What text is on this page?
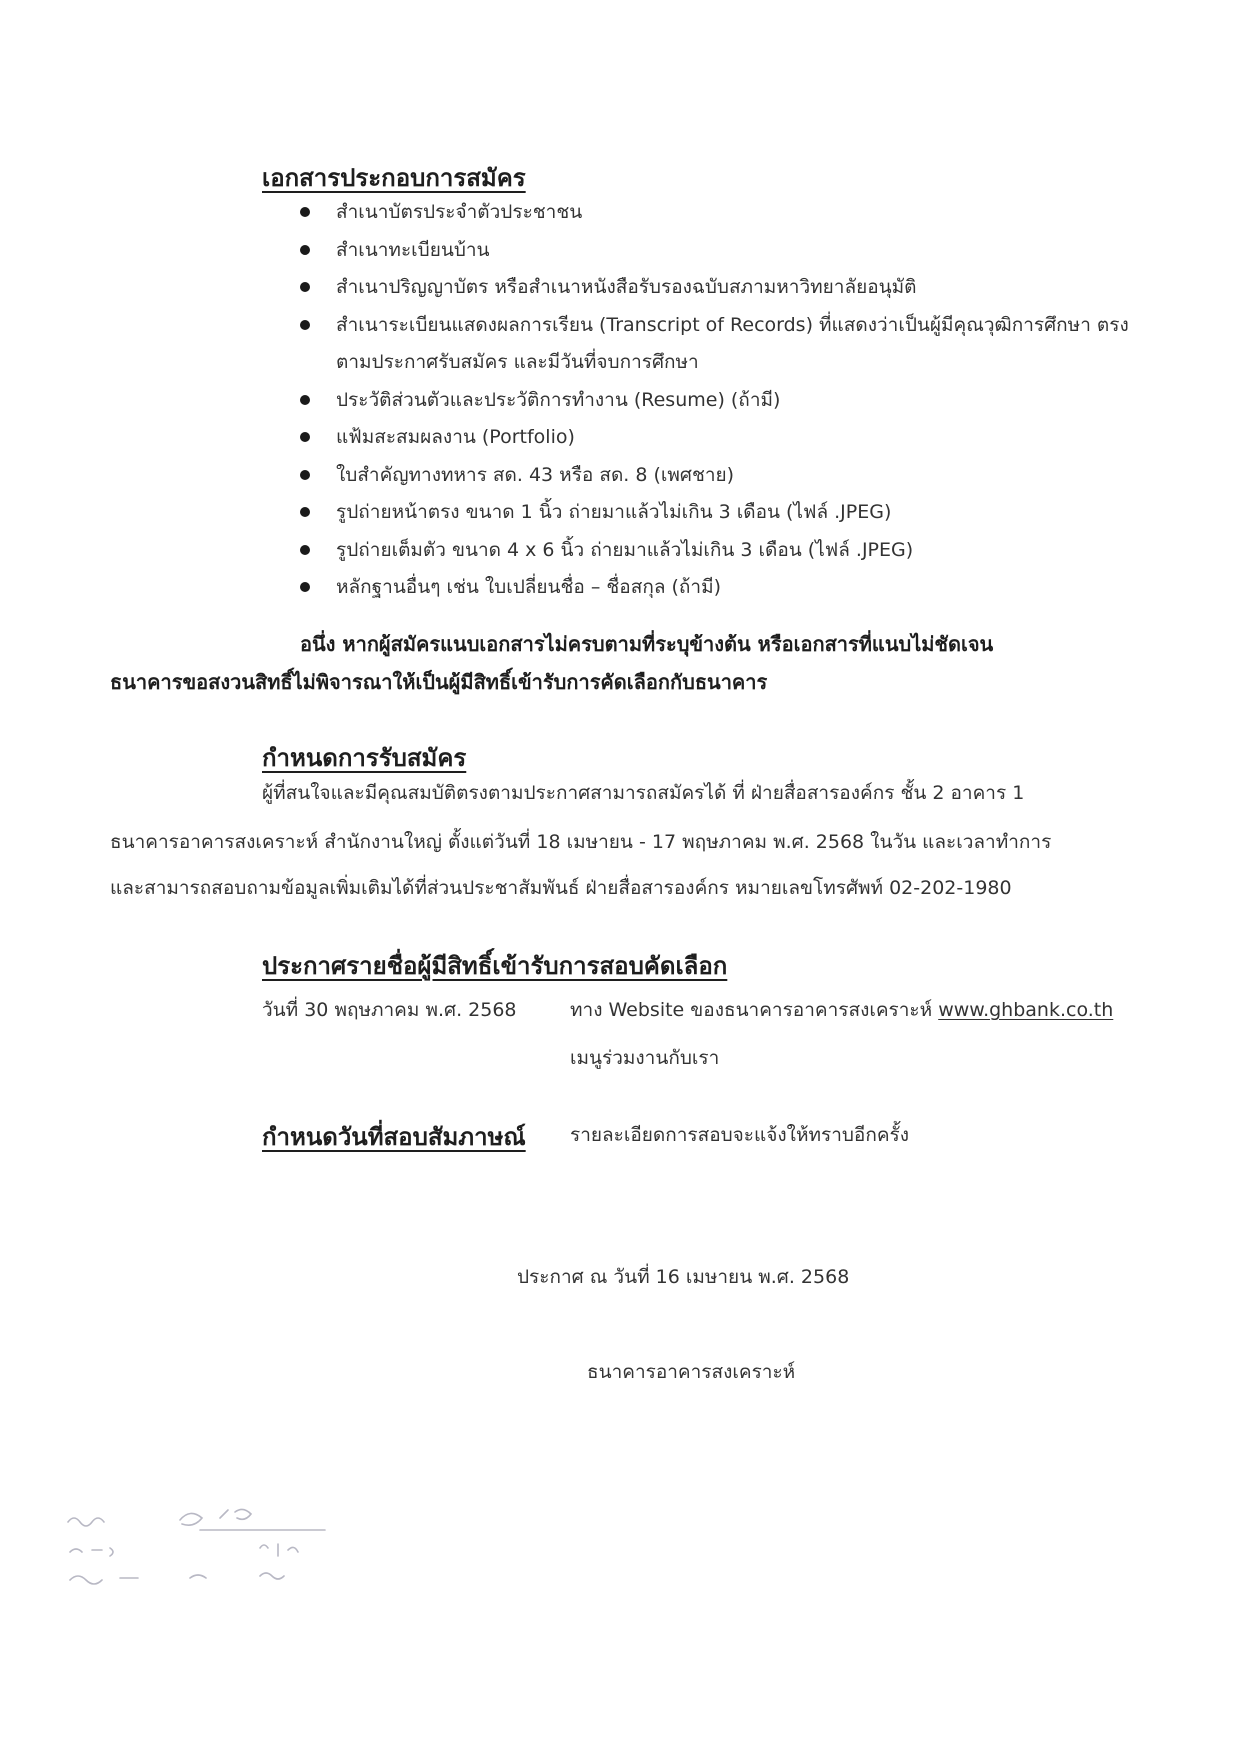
เอกสารประกอบการสมัคร
สำเนาบัตรประจำตัวประชาชน
สำเนาทะเบียนบ้าน
สำเนาปริญญาบัตร หรือสำเนาหนังสือรับรองฉบับสภามหาวิทยาลัยอนุมัติ
สำเนาระเบียนแสดงผลการเรียน (Transcript of Records) ที่แสดงว่าเป็นผู้มีคุณวุฒิการศึกษา ตรงตามประกาศรับสมัคร และมีวันที่จบการศึกษา
ประวัติส่วนตัวและประวัติการทำงาน (Resume) (ถ้ามี)
แฟ้มสะสมผลงาน (Portfolio)
ใบสำคัญทางทหาร สด. 43 หรือ สด. 8 (เพศชาย)
รูปถ่ายหน้าตรง ขนาด 1 นิ้ว ถ่ายมาแล้วไม่เกิน 3 เดือน (ไฟล์ .JPEG)
รูปถ่ายเต็มตัว ขนาด 4 x 6 นิ้ว ถ่ายมาแล้วไม่เกิน 3 เดือน (ไฟล์ .JPEG)
หลักฐานอื่นๆ เช่น ใบเปลี่ยนชื่อ – ชื่อสกุล (ถ้ามี)
อนึ่ง หากผู้สมัครแนบเอกสารไม่ครบตามที่ระบุข้างต้น หรือเอกสารที่แนบไม่ชัดเจน
ธนาคารขอสงวนสิทธิ์ไม่พิจารณาให้เป็นผู้มีสิทธิ์เข้ารับการคัดเลือกกับธนาคาร
กำหนดการรับสมัคร
ผู้ที่สนใจและมีคุณสมบัติตรงตามประกาศสามารถสมัครได้ ที่ ฝ่ายสื่อสารองค์กร ชั้น 2 อาคาร 1
ธนาคารอาคารสงเคราะห์ สำนักงานใหญ่ ตั้งแต่วันที่ 18 เมษายน - 17 พฤษภาคม พ.ศ. 2568 ในวัน และเวลาทำการ
และสามารถสอบถามข้อมูลเพิ่มเติมได้ที่ส่วนประชาสัมพันธ์ ฝ่ายสื่อสารองค์กร หมายเลขโทรศัพท์ 02-202-1980
ประกาศรายชื่อผู้มีสิทธิ์เข้ารับการสอบคัดเลือก
วันที่ 30 พฤษภาคม พ.ศ. 2568	ทาง Website ของธนาคารอาคารสงเคราะห์ www.ghbank.co.th
เมนูร่วมงานกับเรา
กำหนดวันที่สอบสัมภาษณ์ รายละเอียดการสอบจะแจ้งให้ทราบอีกครั้ง
ประกาศ ณ วันที่ 16 เมษายน พ.ศ. 2568
ธนาคารอาคารสงเคราะห์
